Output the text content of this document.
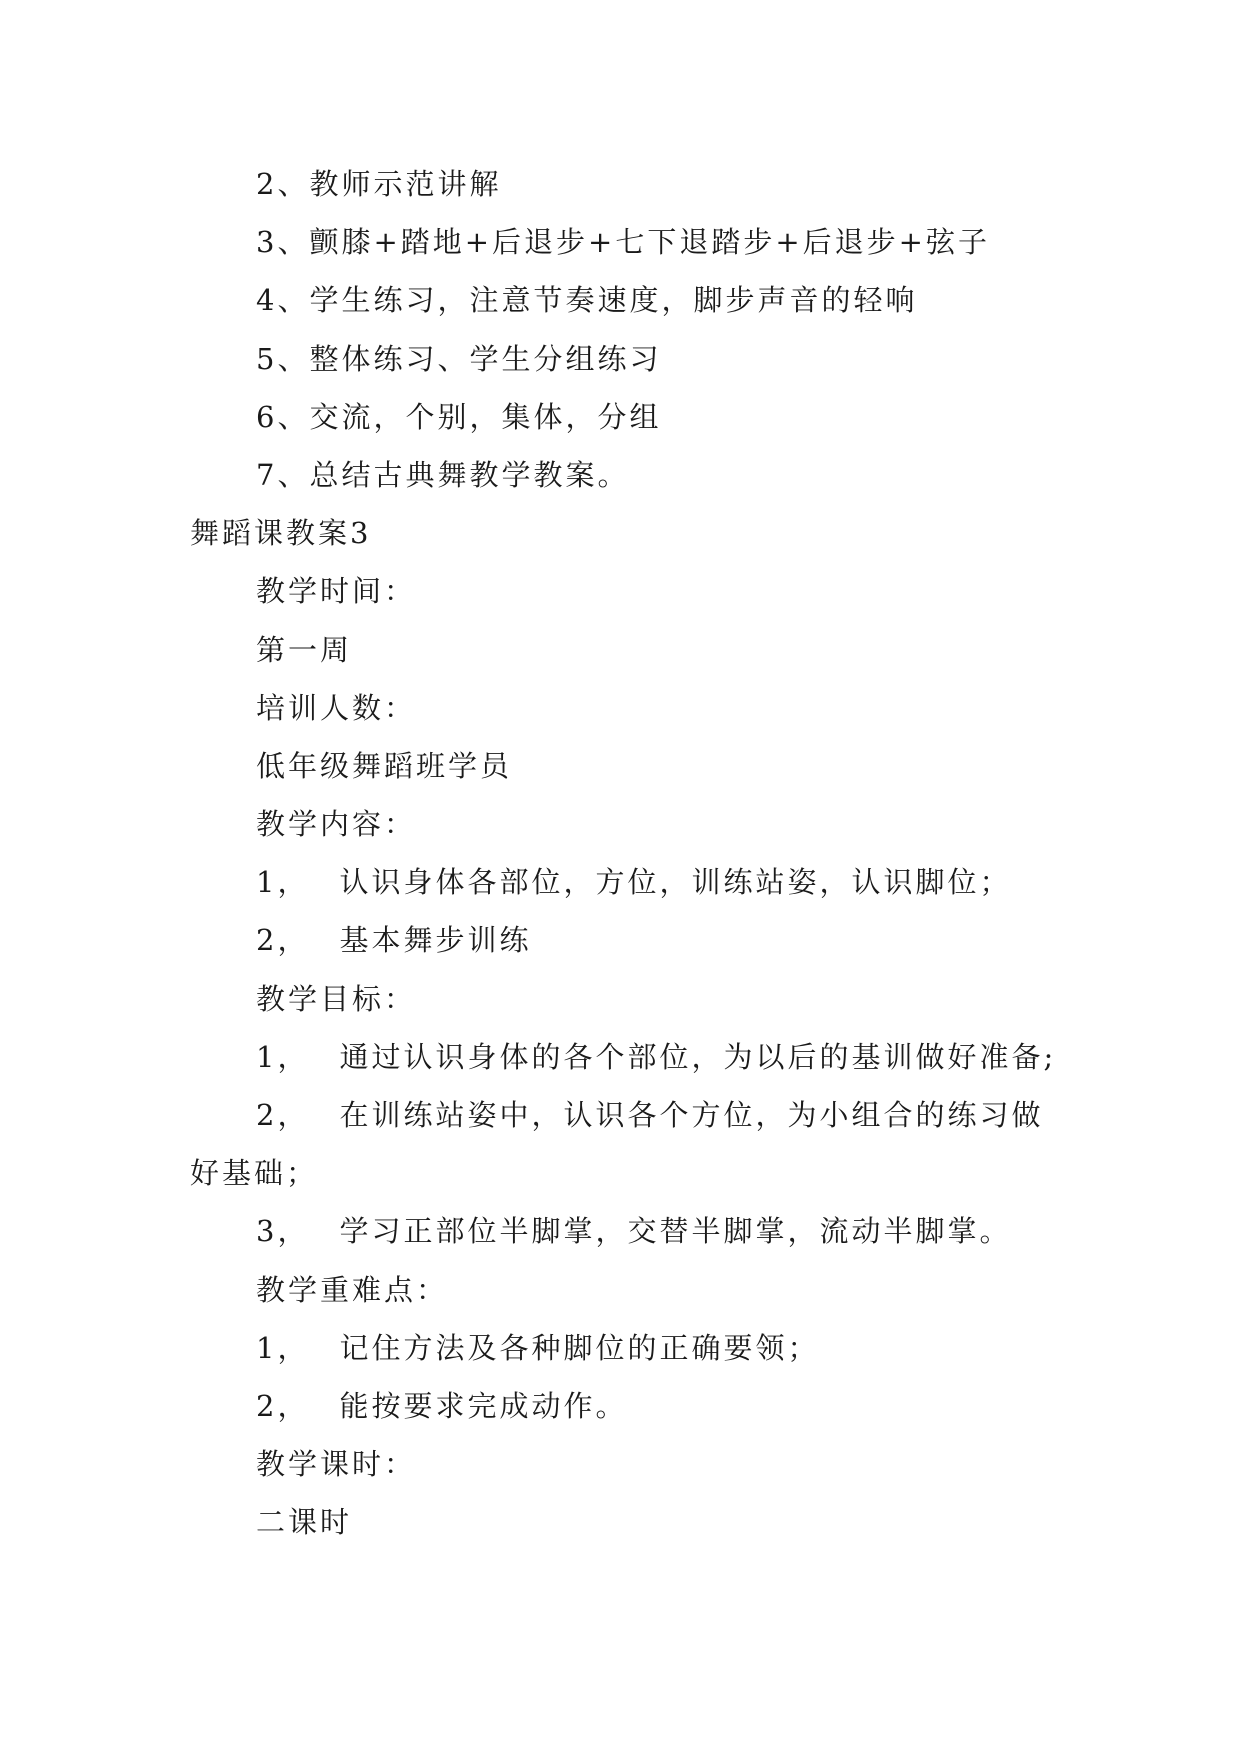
2、教师示范讲解
3、颤膝+踏地+后退步+七下退踏步+后退步+弦子
4、学生练习，注意节奏速度，脚步声音的轻响
5、整体练习、学生分组练习
6、交流，个别，集体，分组
7、总结古典舞教学教案。
舞蹈课教案3
教学时间：
第一周
培训人数：
低年级舞蹈班学员
教学内容：
1， 认识身体各部位，方位，训练站姿，认识脚位；
2， 基本舞步训练
教学目标：
1， 通过认识身体的各个部位，为以后的基训做好准备;
2， 在训练站姿中，认识各个方位，为小组合的练习做
好基础；
3， 学习正部位半脚掌，交替半脚掌，流动半脚掌。
教学重难点：
1， 记住方法及各种脚位的正确要领；
2， 能按要求完成动作。
教学课时：
二课时
